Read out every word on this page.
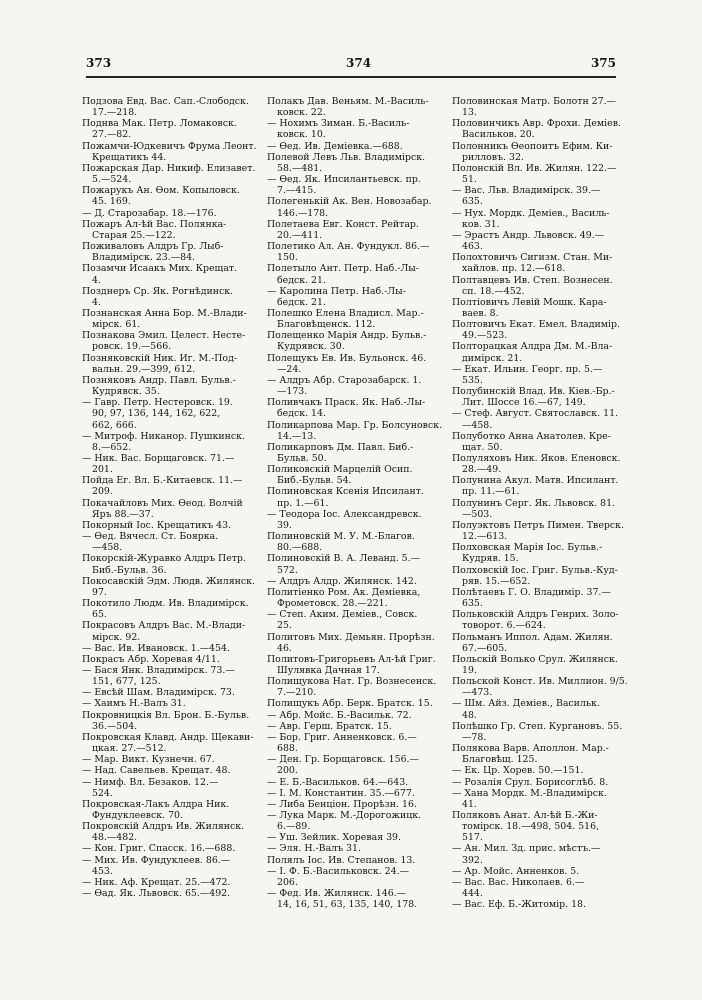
373	374	375
Подзова Евд. Вас. Сап.-Слободск.
17.—218.
Поднва Мак. Петр. Ломаковск.
27.—82.
Пожамчи-Юдкевичъ Фрума Леонт.
Крещатикъ 44.
Пожарская Дар. Никиф. Елизавет.
5.—524.
Пожарукъ Ан. Өом. Копыловск.
45. 169.
— Д. Старозабар. 18.—176.
Пожаръ Ал-ѣй Вас. Полянка-
Старая 25.—122.
Поживаловъ Алдръ Гр. Лыб-
Владимірск. 23.—84.
Позамчи Исаакъ Мих. Крещат.
4.
Позднеръ Ср. Як. Рогнѣдинск.
4.
Познанская Анна Бор. М.-Влади-
мірск. 61.
Познакова Эмил. Целест. Несте-
ровск. 19.—566.
Позняковскій Ник. Иг. М.-Под-
вальн. 29.—399, 612.
Позняковъ Андр. Павл. Бульв.-
Кудрявск. 35.
— Гавр. Петр. Нестеровск. 19.
90, 97, 136, 144, 162, 622,
662, 666.
— Митроф. Никанор. Пушкинск.
8.—652.
— Ник. Вас. Борщаговск. 71.—
201.
Пойда Ег. Вл. Б.-Китаевск. 11.—
209.
Покачайловъ Мих. Өеод. Волчій
Яръ 88.—37.
Покорный Іос. Крещатикъ 43.
— Өед. Вячесл. Ст. Боярка.
—458.
Покорскій-Журавко Алдръ Петр.
Биб.-Бульв. 36.
Покосавскій Эдм. Людв. Жилянск.
97.
Покотило Людм. Ив. Владимірск.
65.
Покрасовъ Алдръ Вас. М.-Влади-
мірск. 92.
— Вас. Ив. Ивановск. 1.—454.
Покрасъ Абр. Хоревая 4/11.
— Бася Янк. Владимірск. 73.—
151, 677, 125.
— Евсѣй Шам. Владимірск. 73.
— Хаимъ Н.-Валъ 31.
Покровницкія Вл. Брон. Б.-Бульв.
36.—504.
Покровская Клавд. Андр. Щекави-
цкая. 27.—512.
— Мар. Викт. Кузнечн. 67.
— Над. Савельев. Крещат. 48.
— Нимф. Вл. Безаков. 12.—
524.
Покровская-Лакъ Алдра Ник.
Фундуклеевск. 70.
Покровскій Алдръ Ив. Жилянск.
48.—482.
— Кон. Григ. Спасск. 16.—688.
— Мих. Ив. Фундуклеев. 86.—
453.
— Ник. Аф. Крещат. 25.—472.
— Өад. Як. Львовск. 65.—492.
Полакъ Дав. Веньям. М.-Василь-
ковск. 22.
— Нохимъ Зиман. Б.-Василь-
ковск. 10.
— Өед. Ив. Деміевка.—688.
Полевой Левъ Льв. Владимірск.
58.—481.
— Өед. Як. Ипсилантьевск. пр.
7.—415.
Полегенькій Ак. Вен. Новозабар.
146.—178.
Полетаева Евг. Конст. Рейтар.
20.—411.
Полетико Ал. Ан. Фундукл. 86.—
150.
Полетыло Ант. Петр. Наб.-Лы-
бедск. 21.
— Каролина Петр. Наб.-Лы-
бедск. 21.
Полешко Елена Владисл. Мар.-
Благовѣщенск. 112.
Полещенко Марія Андр. Бульв.-
Кудрявск. 30.
Полещукъ Ев. Ив. Бульонск. 46.
—24.
— Алдръ Абр. Старозабарск. 1.
—173.
Поливчакъ Праск. Як. Наб.-Лы-
бедск. 14.
Поликарпова Мар. Гр. Болсуновск.
14.—13.
Поликарповъ Дм. Павл. Биб.-
Бульв. 50.
Поликовскій Марцелій Осип.
Биб.-Бульв. 54.
Полиновская Ксенія Ипсилант.
пр. 1.—61.
— Теодора Іос. Александревск.
39.
Полиновскій М. У. М.-Благов.
80.—688.
Полиновскій В. А. Леванд. 5.—
572.
— Алдръ Алдр. Жилянск. 142.
Политіенко Ром. Ак. Деміевка,
Фрометовск. 28.—221.
— Степ. Аким. Деміев., Совск.
25.
Политовъ Мих. Демьян. Прорѣзн.
46.
Политовъ-Григорьевъ Ал-ѣй Григ.
Шулявка Дачная 17.
Полищукова Нат. Гр. Вознесенск.
7.—210.
Полищукъ Абр. Берк. Братск. 15.
— Абр. Мойс. Б.-Васильк. 72.
— Авр. Герш. Братск. 15.
— Бор. Григ. Анненковск. 6.—
688.
— Ден. Гр. Борщаговск. 156.—
200.
— Е. Б.-Васильков. 64.—643.
— І. М. Константин. 35.—677.
— Либа Бенціон. Прорѣзн. 16.
— Лука Марк. М.-Дорогожицк.
6.—89.
— Уш. Зейлик. Хоревая 39.
— Эля. Н.-Валъ 31.
Полялъ Іос. Ив. Степанов. 13.
— І. Ф. Б.-Васильковск. 24.—
206.
— Фед. Ив. Жилянск. 146.—
14, 16, 51, 63, 135, 140, 178.
Половинская Матр. Болотн 27.—
13.
Половинчикъ Авр. Фрохи. Деміев.
Васильков. 20.
Полонникъ Өеопоитъ Ефим. Ки-
рилловъ. 32.
Полонскій Вл. Ив. Жилян. 122.—
51.
— Вас. Льв. Владимірск. 39.—
635.
— Нух. Мордк. Деміев., Василь-
ков. 31.
— Эрастъ Андр. Львовск. 49.—
463.
Полохтовичъ Сигизм. Стан. Ми-
хайлов. пр. 12.—618.
Полтавцевъ Ив. Степ. Вознесен.
сп. 18.—452.
Полтіовичъ Левій Мошк. Кара-
ваев. 8.
Полтовичъ Екат. Емел. Владимір.
49.—523.
Полторацкая Алдра Дм. М.-Вла-
димірск. 21.
— Екат. Ильин. Георг. пр. 5.—
535.
Полубинскій Влад. Ив. Кіев.-Бр.-
Лит. Шоссе 16.—67, 149.
— Стеф. Август. Святославск. 11.
—458.
Полуботко Анна Анатолев. Кре-
щат. 50.
Полуляховъ Ник. Яков. Еленовск.
28.—49.
Полунина Акул. Матв. Ипсилант.
пр. 11.—61.
Полунинъ Серг. Як. Львовск. 81.
—503.
Полуэктовъ Петръ Пимен. Тверск.
12.—613.
Полховская Марія Іос. Бульв.-
Кудряв. 15.
Полховскій Іос. Григ. Бульв.-Куд-
ряв. 15.—652.
Полѣтаевъ Г. О. Владимір. 37.—
635.
Польковскій Алдръ Генрих. Золо-
товорот. 6.—624.
Польманъ Иппол. Адам. Жилян.
67.—605.
Польскій Волько Срул. Жилянск.
19.
Польской Конст. Ив. Миллион. 9/5.
—473.
— Шм. Айз. Деміев., Васильк.
48.
Полѣшко Гр. Степ. Кургановъ. 55.
—78.
Полякова Варв. Аполлон. Мар.-
Благовѣщ. 125.
— Ек. Цр. Хорев. 50.—151.
— Розалія Срул. Борисоглѣб. 8.
— Хана Мордк. М.-Владимірск.
41.
Поляковъ Анат. Ал-ѣй Б.-Жи-
томірск. 18.—498, 504. 516,
517.
— Ан. Мил. Зд. прис. мѣстъ.—
392.
— Ар. Мойс. Анненков. 5.
— Вас. Вас. Николаев. 6.—
444.
— Вас. Еф. Б.-Житомір. 18.
